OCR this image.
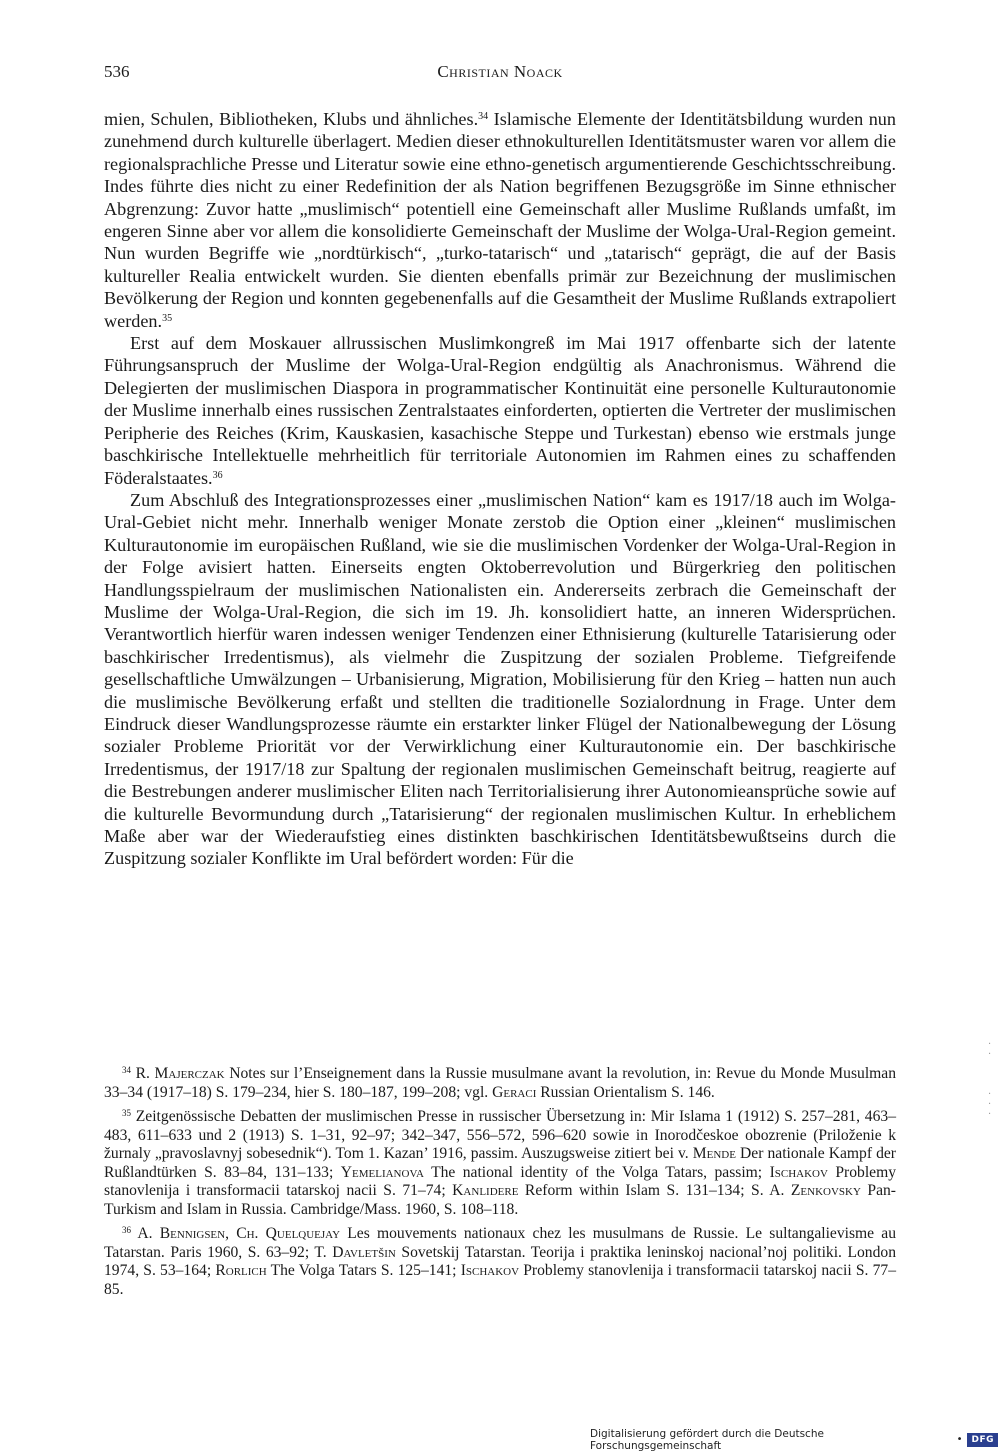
536	Christian Noack

mien, Schulen, Bibliotheken, Klubs und ähnliches.$^{34}$ Islamische Elemente der Identitätsbildung wurden nun zunehmend durch kulturelle überlagert. Medien dieser ethnokulturellen Identitätsmuster waren vor allem die regionalsprachliche Presse und Literatur sowie eine ethno-genetisch argumentierende Geschichtsschreibung. Indes führte dies nicht zu einer Redefinition der als Nation begriffenen Bezugsgröße im Sinne ethnischer Abgrenzung: Zuvor hatte „muslimisch“ potentiell eine Gemeinschaft aller Muslime Rußlands umfaßt, im engeren Sinne aber vor allem die konsolidierte Gemeinschaft der Muslime der Wolga-Ural-Region gemeint. Nun wurden Begriffe wie „nordtürkisch“, „turko-tatarisch“ und „tatarisch“ geprägt, die auf der Basis kultureller Realia entwickelt wurden. Sie dienten ebenfalls primär zur Bezeichnung der muslimischen Bevölkerung der Region und konnten gegebenenfalls auf die Gesamtheit der Muslime Rußlands extrapoliert werden.$^{35}$

Erst auf dem Moskauer allrussischen Muslimkongreß im Mai 1917 offenbarte sich der latente Führungsanspruch der Muslime der Wolga-Ural-Region endgültig als Anachronismus. Während die Delegierten der muslimischen Diaspora in programmatischer Kontinuität eine personelle Kulturautonomie der Muslime innerhalb eines russischen Zentralstaates einforderten, optierten die Vertreter der muslimischen Peripherie des Reiches (Krim, Kauskasien, kasachische Steppe und Turkestan) ebenso wie erstmals junge baschkirische Intellektuelle mehrheitlich für territoriale Autonomien im Rahmen eines zu schaffenden Föderalstaates.$^{36}$

Zum Abschluß des Integrationsprozesses einer „muslimischen Nation“ kam es 1917/18 auch im Wolga-Ural-Gebiet nicht mehr. Innerhalb weniger Monate zerstob die Option einer „kleinen“ muslimischen Kulturautonomie im europäischen Rußland, wie sie die muslimischen Vordenker der Wolga-Ural-Region in der Folge avisiert hatten. Einerseits engten Oktoberrevolution und Bürgerkrieg den politischen Handlungsspielraum der muslimischen Nationalisten ein. Andererseits zerbrach die Gemeinschaft der Muslime der Wolga-Ural-Region, die sich im 19. Jh. konsolidiert hatte, an inneren Widersprüchen. Verantwortlich hierfür waren indessen weniger Tendenzen einer Ethnisierung (kulturelle Tatarisierung oder baschkirischer Irredentismus), als vielmehr die Zuspitzung der sozialen Probleme. Tiefgreifende gesellschaftliche Umwälzungen – Urbanisierung, Migration, Mobilisierung für den Krieg – hatten nun auch die muslimische Bevölkerung erfaßt und stellten die traditionelle Sozialordnung in Frage. Unter dem Eindruck dieser Wandlungsprozesse räumte ein erstarkter linker Flügel der Nationalbewegung der Lösung sozialer Probleme Priorität vor der Verwirklichung einer Kulturautonomie ein. Der baschkirische Irredentismus, der 1917/18 zur Spaltung der regionalen muslimischen Gemeinschaft beitrug, reagierte auf die Bestrebungen anderer muslimischer Eliten nach Territorialisierung ihrer Autonomieansprüche sowie auf die kulturelle Bevormundung durch „Tatarisierung“ der regionalen muslimischen Kultur. In erheblichem Maße aber war der Wiederaufstieg eines distinkten baschkirischen Identitätsbewußtseins durch die Zuspitzung sozialer Konflikte im Ural befördert worden: Für die

$^{34}$ R. Majerczak Notes sur l’Enseignement dans la Russie musulmane avant la revolution, in: Revue du Monde Musulman 33–34 (1917–18) S. 179–234, hier S. 180–187, 199–208; vgl. Geraci Russian Orientalism S. 146.

$^{35}$ Zeitgenössische Debatten der muslimischen Presse in russischer Übersetzung in: Mir Islama 1 (1912) S. 257–281, 463–483, 611–633 und 2 (1913) S. 1–31, 92–97; 342–347, 556–572, 596–620 sowie in Inorodčeskoe obozrenie (Priloženie k žurnaly „pravoslavnyj sobesednik“). Tom 1. Kazan’ 1916, passim. Auszugsweise zitiert bei v. Mende Der nationale Kampf der Rußlandtürken S. 83–84, 131–133; Yemelianova The national identity of the Volga Tatars, passim; Ischakov Problemy stanovlenija i transformacii tatarskoj nacii S. 71–74; Kanlidere Reform within Islam S. 131–134; S. A. Zenkovsky Pan-Turkism and Islam in Russia. Cambridge/Mass. 1960, S. 108–118.

$^{36}$ A. Bennigsen, Ch. Quelquejay Les mouvements nationaux chez les musulmans de Russie. Le sultangalievisme au Tatarstan. Paris 1960, S. 63–92; T. Davletšin Sovetskij Tatarstan. Teorija i praktika leninskoj nacional’noj politiki. London 1974, S. 53–164; Rorlich The Volga Tatars S. 125–141; Ischakov Problemy stanovlenija i transformacii tatarskoj nacii S. 77–85.

·
·
·
·
·
Digitalisierung gefördert durch die Deutsche Forschungsgemeinschaft	•	DFG
